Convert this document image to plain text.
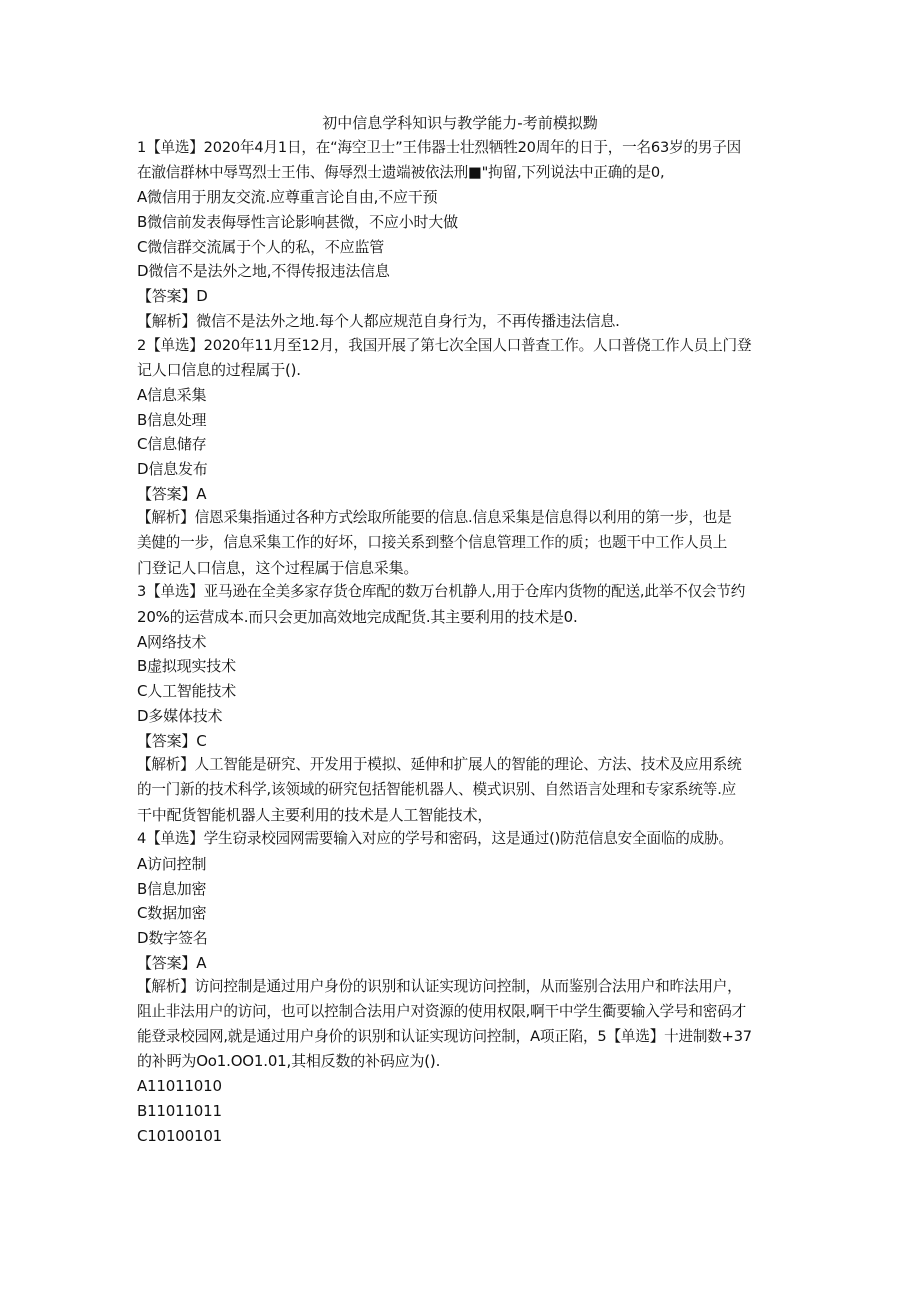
初中信息学科知识与教学能力-考前模拟黝
1【单选】2020年4月1日，在“海空卫士”王伟器士壮烈牺牲20周年的日于，一名63岁的男子因
在澈信群林中辱骂烈士王伟、侮辱烈士遗端被依法刑■"拘留,下列说法中正确的是0,
A微信用于朋友交流.应尊重言论自由,不应干预
B微信前发表侮辱性言论影响甚微，不应小时大做
C微信群交流属于个人的私，不应监管
D微信不是法外之地,不得传报违法信息
【答案】D
【解析】微信不是法外之地.每个人都应规范自身行为，不再传播违法信息.
2【单选】2020年11月至12月，我国开展了第七次全国人口普查工作。人口普侥工作人员上门登
记人口信息的过程属于().
A信息采集
B信息处理
C信息储存
D信息发布
【答案】A
【解析】信恩采集指通过各种方式绘取所能要的信息.信息采集是信息得以利用的第一步，也是
美健的一步，信息采集工作的好坏，口接关系到整个信息管理工作的质；也题干中工作人员上
门登记人口信息，这个过程属于信息采集。
3【单选】亚马逊在全美多家存货仓库配的数万台机静人,用于仓库内货物的配送,此举不仅会节约
20%的运营成本.而只会更加高效地完成配货.其主要利用的技术是0.
A网络技术
B虚拟现实技术
C人工智能技术
D多媒体技术
【答案】C
【解析】人工智能是研究、开发用于模拟、延伸和扩展人的智能的理论、方法、技术及应用系统
的一门新的技术科学,该领域的研究包括智能机器人、模式识别、自然语言处理和专家系统等.应
干中配货智能机器人主要利用的技术是人工智能技术，
4【单选】学生窃录校园网需要输入对应的学号和密码，这是通过()防范信息安全面临的成胁。
A访问控制
B信息加密
C数据加密
D数字签名
【答案】A
【解析】访问控制是通过用户身份的识别和认证实现访问控制，从而鉴别合法用户和昨法用户，
阻止非法用户的访问，也可以控制合法用户对资源的使用权限,啊干中学生衢要输入学号和密码才
能登录校园网,就是通过用户身价的识别和认证实现访问控制，A项正陷，5【单选】十进制数+37
的补眄为Oo1.OO1.01,其相反数的补码应为().
A11011010
B11011011
C10100101
